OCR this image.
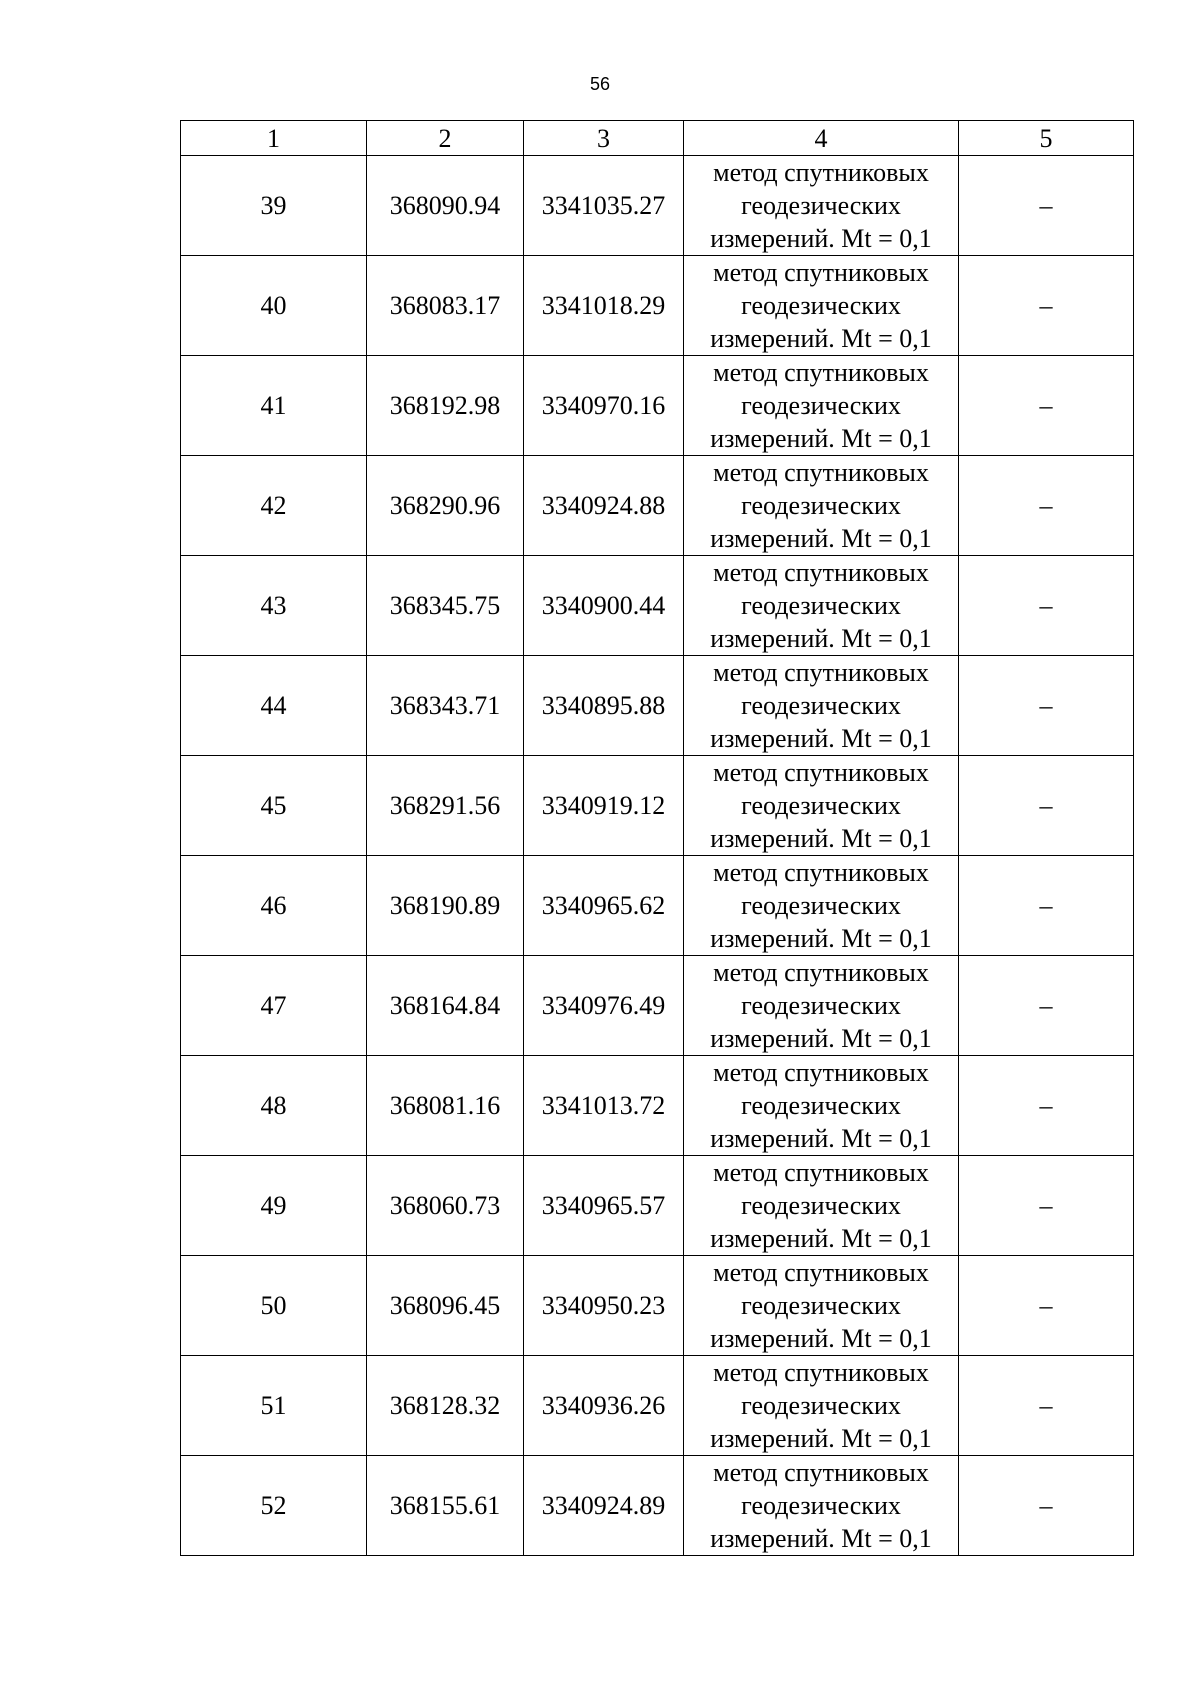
56
1	2	3	4	5
39	368090.94	3341035.27	метод спутниковых
геодезических
измерений. Mt = 0,1	–
40	368083.17	3341018.29	метод спутниковых
геодезических
измерений. Mt = 0,1	–
41	368192.98	3340970.16	метод спутниковых
геодезических
измерений. Mt = 0,1	–
42	368290.96	3340924.88	метод спутниковых
геодезических
измерений. Mt = 0,1	–
43	368345.75	3340900.44	метод спутниковых
геодезических
измерений. Mt = 0,1	–
44	368343.71	3340895.88	метод спутниковых
геодезических
измерений. Mt = 0,1	–
45	368291.56	3340919.12	метод спутниковых
геодезических
измерений. Mt = 0,1	–
46	368190.89	3340965.62	метод спутниковых
геодезических
измерений. Mt = 0,1	–
47	368164.84	3340976.49	метод спутниковых
геодезических
измерений. Mt = 0,1	–
48	368081.16	3341013.72	метод спутниковых
геодезических
измерений. Mt = 0,1	–
49	368060.73	3340965.57	метод спутниковых
геодезических
измерений. Mt = 0,1	–
50	368096.45	3340950.23	метод спутниковых
геодезических
измерений. Mt = 0,1	–
51	368128.32	3340936.26	метод спутниковых
геодезических
измерений. Mt = 0,1	–
52	368155.61	3340924.89	метод спутниковых
геодезических
измерений. Mt = 0,1	–
